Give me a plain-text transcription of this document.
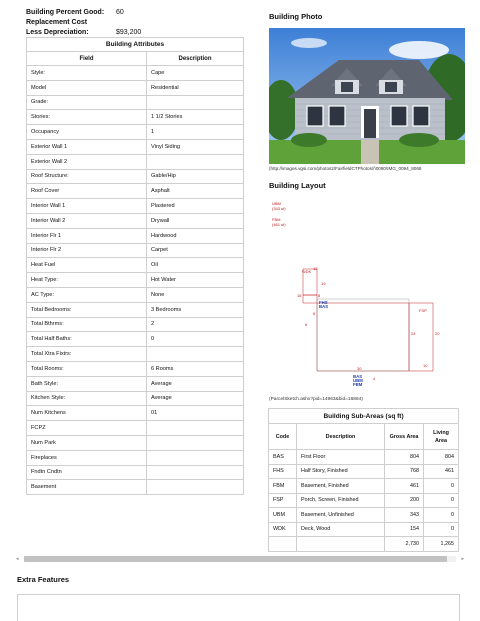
Building Percent Good:	60
Replacement Cost
Less Depreciation:	$93,200
Building Attributes	
Field	Description
Style:	Cape
Model	Residential
Grade:	
Stories:	1 1/2 Stories
Occupancy	1
Exterior Wall 1	Vinyl Siding
Exterior Wall 2	
Roof Structure:	Gable/Hip
Roof Cover	Asphalt
Interior Wall 1	Plastered
Interior Wall 2	Drywall
Interior Flr 1	Hardwood
Interior Flr 2	Carpet
Heat Fuel	Oil
Heat Type:	Hot Water
AC Type:	None
Total Bedrooms:	3 Bedrooms
Total Bthrms:	2
Total Half Baths:	0
Total Xtra Fixtrs:	
Total Rooms:	6 Rooms
Bath Style:	Average
Kitchen Style:	Average
Num Kitchens	01
FCPZ	
Num Park	
Fireplaces	
Fndtn Cndtn	
Basement	
Building Photo
(http://images.vgsi.com/photos2/FairfieldCTPhotos//\0080\IMG_0094_8068
Building Layout
UBM
(343 sf)
FBM
(461 sf)
WDK
12
19
16	8
FHS
BAS
6
6
FSP
24	20
10
30
BAS
UBM
FBM
4
(ParcelSketch.ashx?pid=14963&bid=16864)
Building Sub-Areas (sq ft)			
Code	Description	Gross Area	Living Area
BAS	First Floor	804	804
FHS	Half Story, Finished	768	461
FBM	Basement, Finished	461	0
FSP	Porch, Screen, Finished	200	0
UBM	Basement, Unfinished	343	0
WDK	Deck, Wood	154	0
		2,730	1,265
◂	▸
Extra Features
